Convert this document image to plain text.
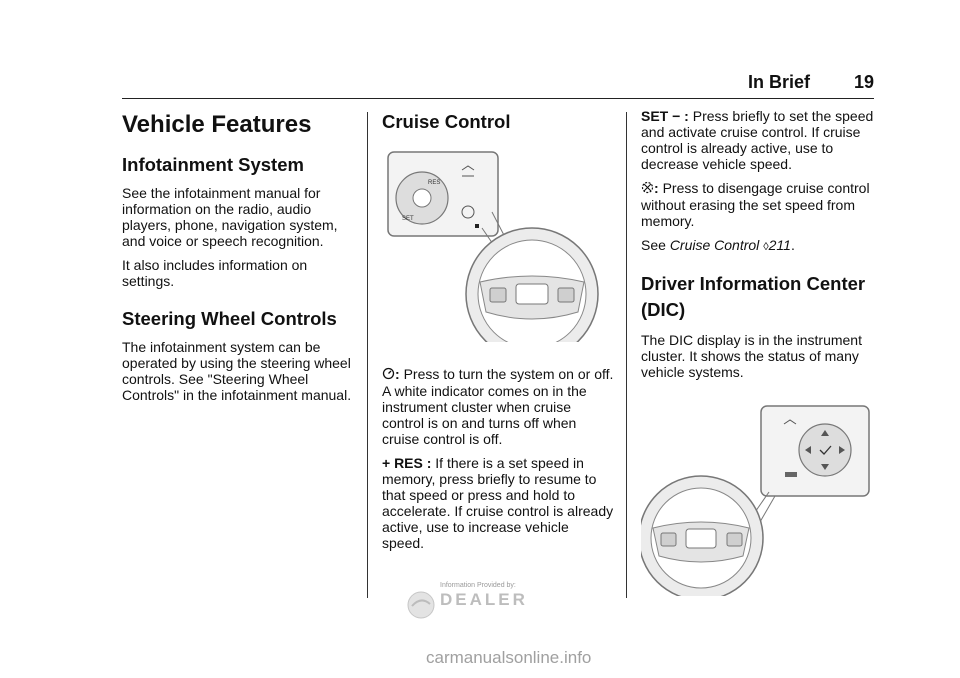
In Brief 19
Vehicle Features
Infotainment System

See the infotainment manual for information on the radio, audio players, phone, navigation system, and voice or speech recognition.

It also includes information on settings.

Steering Wheel Controls

The infotainment system can be operated by using the steering wheel controls. See "Steering Wheel Controls" in the infotainment manual.

Cruise Control
RES
SET

: Press to turn the system on or off. A white indicator comes on in the instrument cluster when cruise control is on and turns off when cruise control is off.

+ RES : If there is a set speed in memory, press briefly to resume to that speed or press and hold to accelerate. If cruise control is already active, use to increase vehicle speed.

SET − : Press briefly to set the speed and activate cruise control. If cruise control is already active, use to decrease vehicle speed.

: Press to disengage cruise control without erasing the set speed from memory.

See Cruise Control ◊211.

Driver Information Center (DIC)

The DIC display is in the instrument cluster. It shows the status of many vehicle systems.

Information Provided by:
DEALER
carmanualsonline.info
